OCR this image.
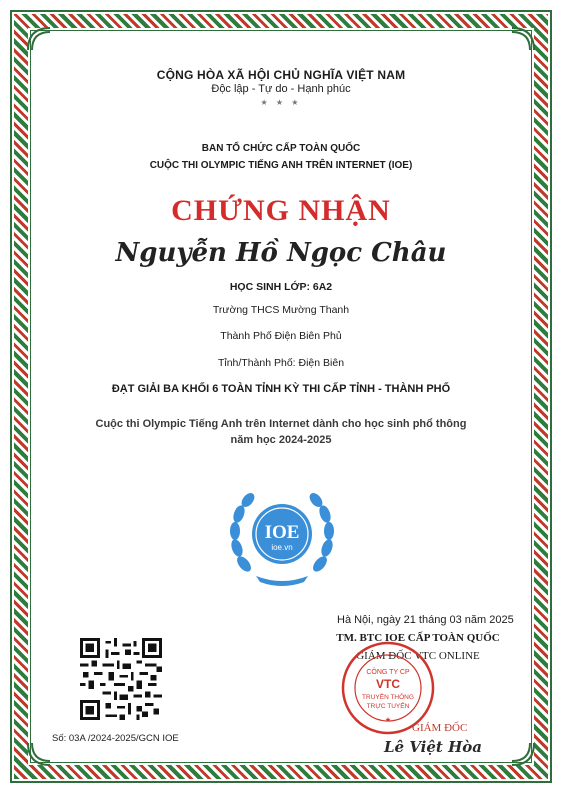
CỘNG HÒA XÃ HỘI CHỦ NGHĨA VIỆT NAM
Độc lập - Tự do - Hạnh phúc
★ ★ ★
BAN TỔ CHỨC CẤP TOÀN QUỐC
CUỘC THI OLYMPIC TIẾNG ANH TRÊN INTERNET (IOE)
CHỨNG NHẬN
Nguyễn Hồ Ngọc Châu
HỌC SINH LỚP: 6A2
Trường THCS Mường Thanh
Thành Phố Điện Biên Phủ
Tỉnh/Thành Phố: Điện Biên
ĐẠT GIẢI BA KHỐI 6 TOÀN TỈNH KỲ THI CẤP TỈNH - THÀNH PHỐ
Cuộc thi Olympic Tiếng Anh trên Internet dành cho học sinh phổ thông
năm học 2024-2025
IOE
ioe.vn
Hà Nội, ngày 21 tháng 03 năm 2025
TM. BTC IOE CẤP TOÀN QUỐC
GIÁM ĐỐC VTC ONLINE
CÔNG TY CP
VTC
TRUYỀN THÔNG
TRỰC TUYẾN
★
GIÁM ĐỐC
Lê Việt Hòa
Số: 03A /2024-2025/GCN IOE
